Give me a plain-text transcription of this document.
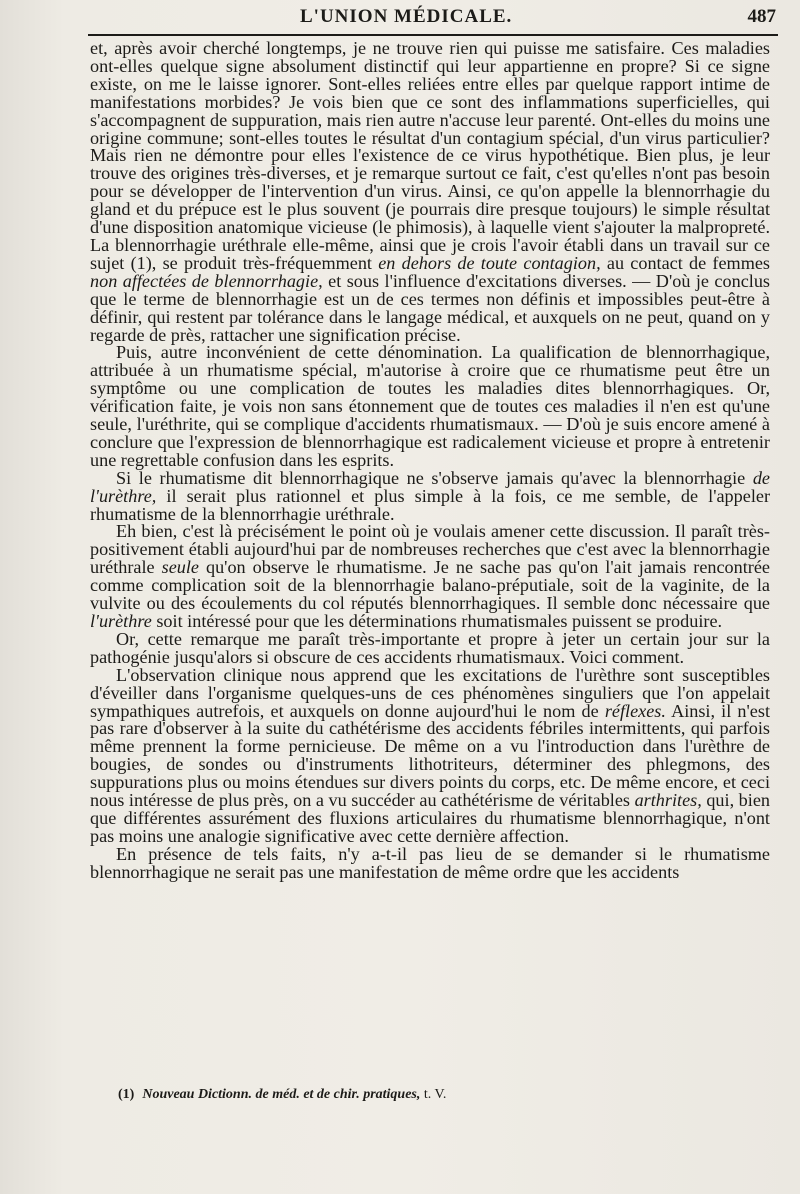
L'UNION MÉDICALE.	487

et, après avoir cherché longtemps, je ne trouve rien qui puisse me satisfaire. Ces maladies ont-elles quelque signe absolument distinctif qui leur appartienne en propre? Si ce signe existe, on me le laisse ignorer. Sont-elles reliées entre elles par quelque rapport intime de manifestations morbides? Je vois bien que ce sont des inflammations superficielles, qui s'accompagnent de suppuration, mais rien autre n'accuse leur parenté. Ont-elles du moins une origine commune; sont-elles toutes le résultat d'un contagium spécial, d'un virus particulier? Mais rien ne démontre pour elles l'existence de ce virus hypothétique. Bien plus, je leur trouve des origines très-diverses, et je remarque surtout ce fait, c'est qu'elles n'ont pas besoin pour se développer de l'intervention d'un virus. Ainsi, ce qu'on appelle la blennorrhagie du gland et du prépuce est le plus souvent (je pourrais dire presque toujours) le simple résultat d'une disposition anatomique vicieuse (le phimosis), à laquelle vient s'ajouter la malpropreté. La blennorrhagie uréthrale elle-même, ainsi que je crois l'avoir établi dans un travail sur ce sujet (1), se produit très-fréquemment en dehors de toute contagion, au contact de femmes non affectées de blennorrhagie, et sous l'influence d'excitations diverses. — D'où je conclus que le terme de blennorrhagie est un de ces termes non définis et impossibles peut-être à définir, qui restent par tolérance dans le langage médical, et auxquels on ne peut, quand on y regarde de près, rattacher une signification précise.

Puis, autre inconvénient de cette dénomination. La qualification de blennorrhagique, attribuée à un rhumatisme spécial, m'autorise à croire que ce rhumatisme peut être un symptôme ou une complication de toutes les maladies dites blennorrhagiques. Or, vérification faite, je vois non sans étonnement que de toutes ces maladies il n'en est qu'une seule, l'uréthrite, qui se complique d'accidents rhumatismaux. — D'où je suis encore amené à conclure que l'expression de blennorrhagique est radicalement vicieuse et propre à entretenir une regrettable confusion dans les esprits.

Si le rhumatisme dit blennorrhagique ne s'observe jamais qu'avec la blennorrhagie de l'urèthre, il serait plus rationnel et plus simple à la fois, ce me semble, de l'appeler rhumatisme de la blennorrhagie uréthrale.

Eh bien, c'est là précisément le point où je voulais amener cette discussion. Il paraît très-positivement établi aujourd'hui par de nombreuses recherches que c'est avec la blennorrhagie uréthrale seule qu'on observe le rhumatisme. Je ne sache pas qu'on l'ait jamais rencontrée comme complication soit de la blennorrhagie balano-préputiale, soit de la vaginite, de la vulvite ou des écoulements du col réputés blennorrhagiques. Il semble donc nécessaire que l'urèthre soit intéressé pour que les déterminations rhumatismales puissent se produire.

Or, cette remarque me paraît très-importante et propre à jeter un certain jour sur la pathogénie jusqu'alors si obscure de ces accidents rhumatismaux. Voici comment.

L'observation clinique nous apprend que les excitations de l'urèthre sont susceptibles d'éveiller dans l'organisme quelques-uns de ces phénomènes singuliers que l'on appelait sympathiques autrefois, et auxquels on donne aujourd'hui le nom de réflexes. Ainsi, il n'est pas rare d'observer à la suite du cathétérisme des accidents fébriles intermittents, qui parfois même prennent la forme pernicieuse. De même on a vu l'introduction dans l'urèthre de bougies, de sondes ou d'instruments lithotriteurs, déterminer des phlegmons, des suppurations plus ou moins étendues sur divers points du corps, etc. De même encore, et ceci nous intéresse de plus près, on a vu succéder au cathétérisme de véritables arthrites, qui, bien que différentes assurément des fluxions articulaires du rhumatisme blennorrhagique, n'ont pas moins une analogie significative avec cette dernière affection.

En présence de tels faits, n'y a-t-il pas lieu de se demander si le rhumatisme blennorrhagique ne serait pas une manifestation de même ordre que les accidents

(1) Nouveau Dictionn. de méd. et de chir. pratiques, t. V.
